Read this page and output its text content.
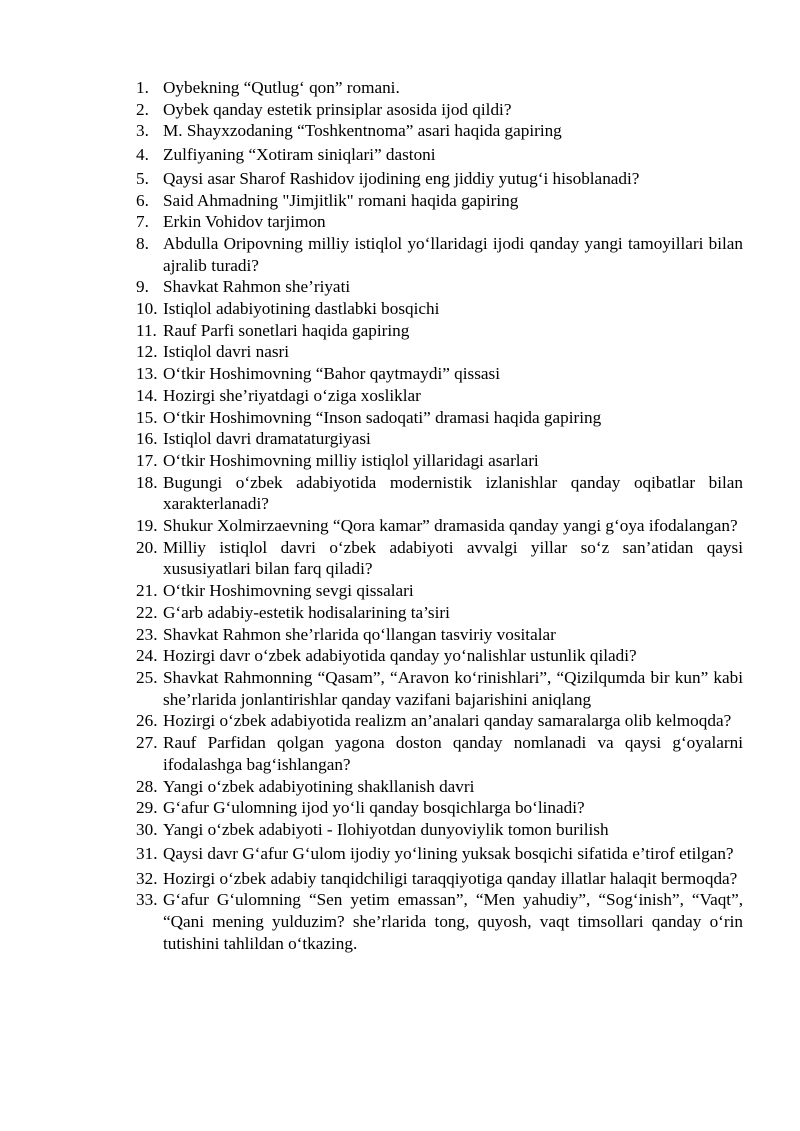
1. Oybekning “Qutlug‘ qon” romani.
2. Oybek qanday estetik prinsiplar asosida ijod qildi?
3. M. Shayxzodaning “Toshkentnoma” asari haqida gapiring
4. Zulfiyaning “Xotiram siniqlari” dastoni
5. Qaysi asar Sharof Rashidov ijodining eng jiddiy yutug‘i hisoblanadi?
6. Said Ahmadning "Jimjitlik" romani haqida gapiring
7. Erkin Vohidov tarjimon
8. Abdulla Oripovning milliy istiqlol yo‘llaridagi ijodi qanday yangi tamoyillari bilan ajralib turadi?
9. Shavkat Rahmon she’riyati
10. Istiqlol adabiyotining dastlabki bosqichi
11. Rauf Parfi sonetlari haqida gapiring
12. Istiqlol davri nasri
13. O‘tkir Hoshimovning “Bahor qaytmaydi” qissasi
14. Hozirgi she’riyatdagi o‘ziga xosliklar
15. O‘tkir Hoshimovning “Inson sadoqati” dramasi haqida gapiring
16. Istiqlol davri dramataturgiyasi
17. O‘tkir Hoshimovning milliy istiqlol yillaridagi asarlari
18. Bugungi o‘zbek adabiyotida modernistik izlanishlar qanday oqibatlar bilan xarakterlanadi?
19. Shukur Xolmirzaevning “Qora kamar” dramasida qanday yangi g‘oya ifodalangan?
20. Milliy istiqlol davri o‘zbek adabiyoti avvalgi yillar so‘z san’atidan qaysi xususiyatlari bilan farq qiladi?
21. O‘tkir Hoshimovning sevgi qissalari
22. G‘arb adabiy-estetik hodisalarining ta’siri
23. Shavkat Rahmon she’rlarida qo‘llangan tasviriy vositalar
24. Hozirgi davr o‘zbek adabiyotida qanday yo‘nalishlar ustunlik qiladi?
25. Shavkat Rahmonning “Qasam”, “Aravon ko‘rinishlari”, “Qizilqumda bir kun” kabi she’rlarida jonlantirishlar qanday vazifani bajarishini aniqlang
26. Hozirgi o‘zbek adabiyotida realizm an’analari qanday samaralarga olib kelmoqda?
27. Rauf Parfidan qolgan yagona doston qanday nomlanadi va qaysi g‘oyalarni ifodalashga bag‘ishlangan?
28. Yangi o‘zbek adabiyotining shakllanish davri
29. G‘afur G‘ulomning ijod yo‘li qanday bosqichlarga bo‘linadi?
30. Yangi o‘zbek adabiyoti - Ilohiyotdan dunyoviylik tomon burilish
31. Qaysi davr G‘afur G‘ulom ijodiy yo‘lining yuksak bosqichi sifatida e’tirof etilgan?
32. Hozirgi o‘zbek adabiy tanqidchiligi taraqqiyotiga qanday illatlar halaqit bermoqda?
33. G‘afur G‘ulomning “Sen yetim emassan”, “Men yahudiy”, “Sog‘inish”, “Vaqt”, “Qani mening yulduzim? she’rlarida tong, quyosh, vaqt timsollari qanday o‘rin tutishini tahlildan o‘tkazing.
